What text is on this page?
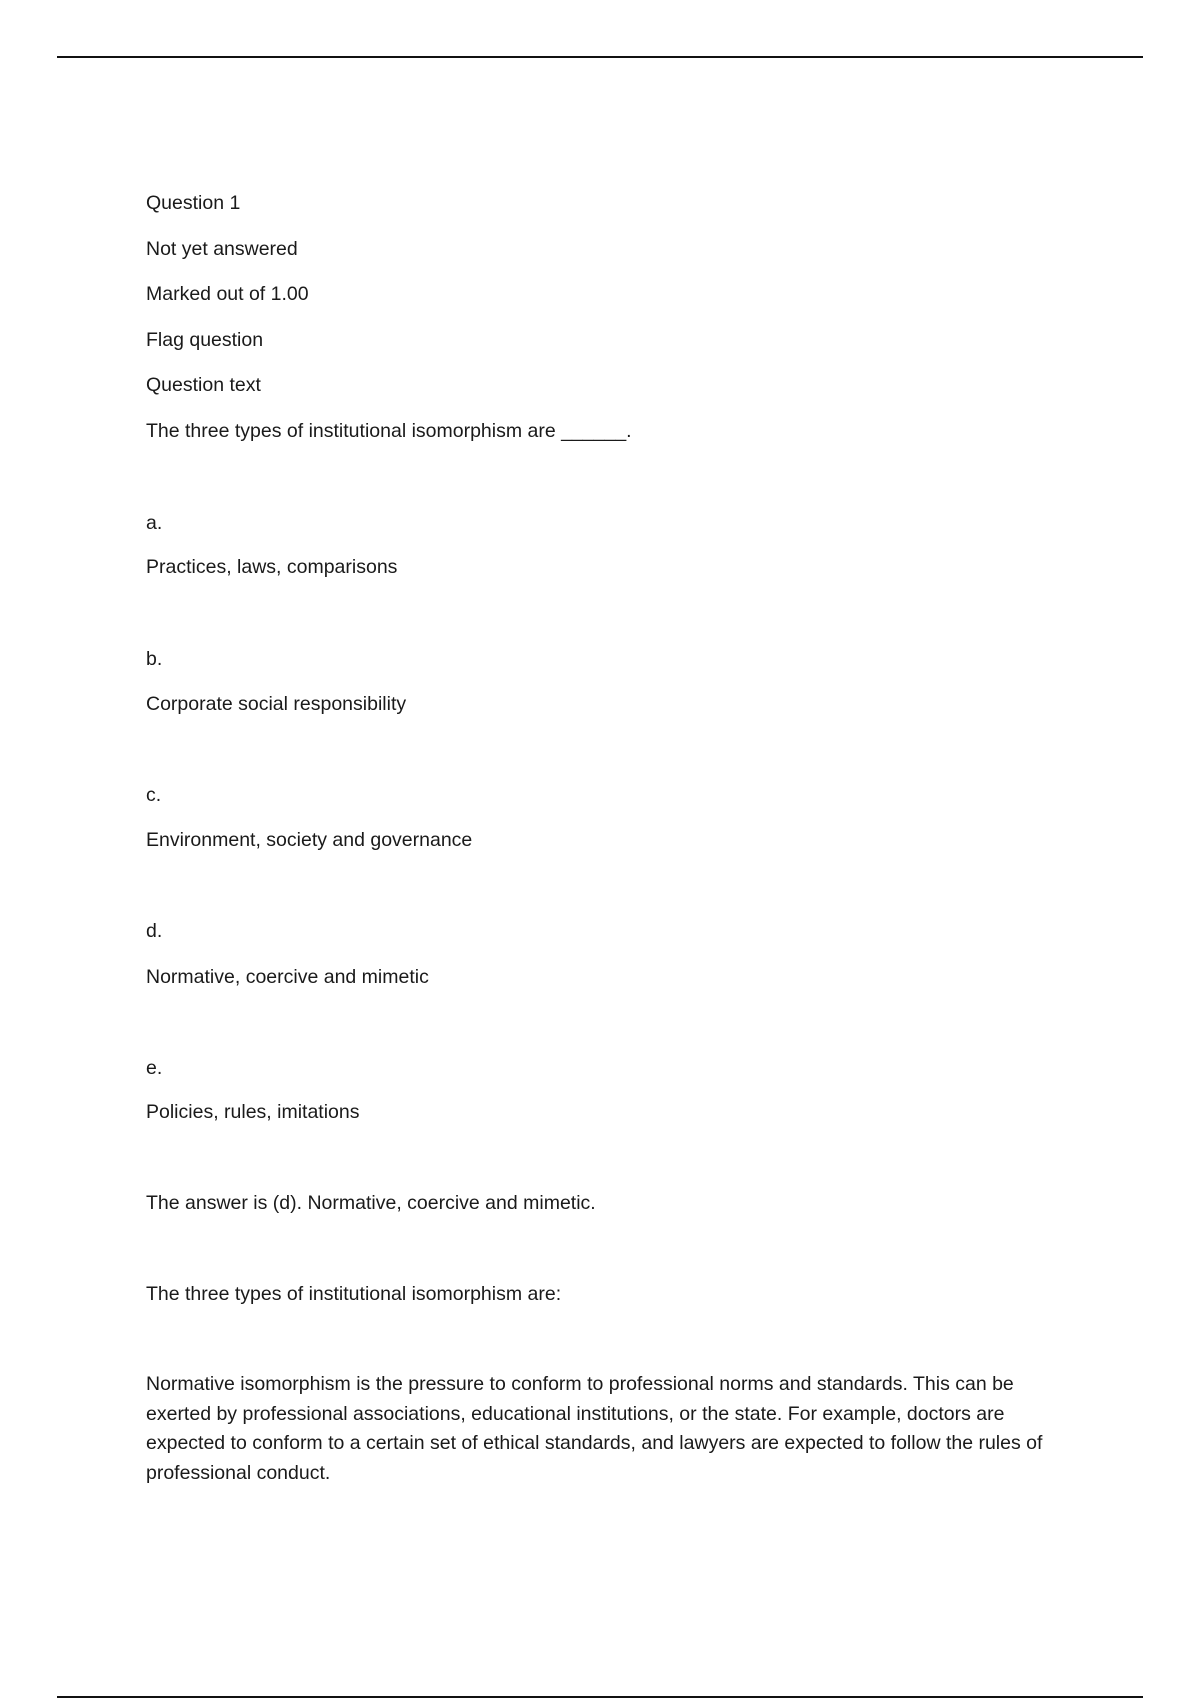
Question 1
Not yet answered
Marked out of 1.00
Flag question
Question text
The three types of institutional isomorphism are ______.
a.
Practices, laws, comparisons
b.
Corporate social responsibility
c.
Environment, society and governance
d.
Normative, coercive and mimetic
e.
Policies, rules, imitations
The answer is (d). Normative, coercive and mimetic.
The three types of institutional isomorphism are:
Normative isomorphism is the pressure to conform to professional norms and standards. This can be exerted by professional associations, educational institutions, or the state. For example, doctors are expected to conform to a certain set of ethical standards, and lawyers are expected to follow the rules of professional conduct.
